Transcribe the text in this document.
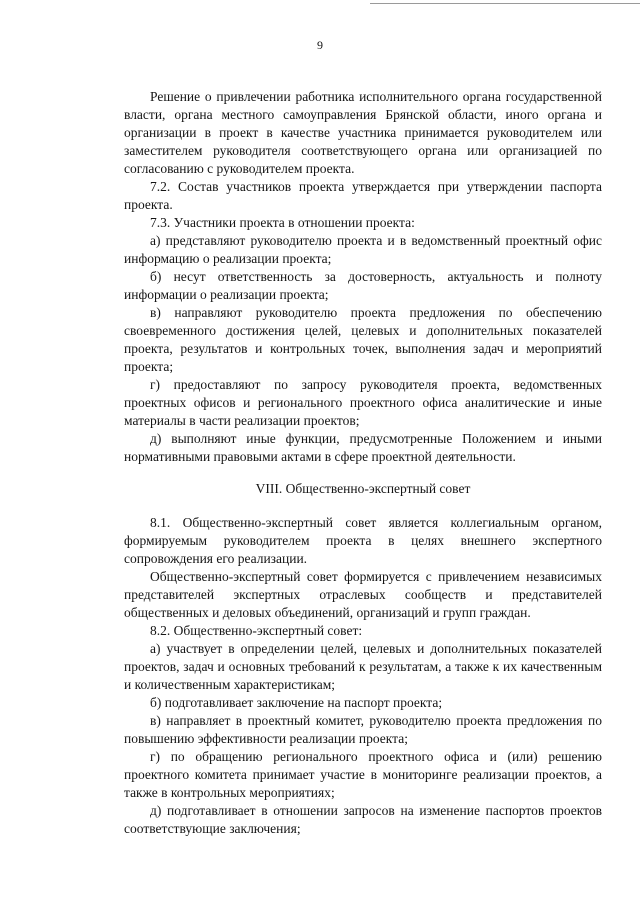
9

Решение о привлечении работника исполнительного органа государственной власти, органа местного самоуправления Брянской области, иного органа и организации в проект в качестве участника принимается руководителем или заместителем руководителя соответствующего органа или организацией по согласованию с руководителем проекта.

7.2. Состав участников проекта утверждается при утверждении паспорта проекта.

7.3. Участники проекта в отношении проекта:

а) представляют руководителю проекта и в ведомственный проектный офис информацию о реализации проекта;

б) несут ответственность за достоверность, актуальность и полноту информации о реализации проекта;

в) направляют руководителю проекта предложения по обеспечению своевременного достижения целей, целевых и дополнительных показателей проекта, результатов и контрольных точек, выполнения задач и мероприятий проекта;

г) предоставляют по запросу руководителя проекта, ведомственных проектных офисов и регионального проектного офиса аналитические и иные материалы в части реализации проектов;

д) выполняют иные функции, предусмотренные Положением и иными нормативными правовыми актами в сфере проектной деятельности.

VIII. Общественно-экспертный совет

8.1. Общественно-экспертный совет является коллегиальным органом, формируемым руководителем проекта в целях внешнего экспертного сопровождения его реализации.

Общественно-экспертный совет формируется с привлечением независимых представителей экспертных отраслевых сообществ и представителей общественных и деловых объединений, организаций и групп граждан.

8.2. Общественно-экспертный совет:

а) участвует в определении целей, целевых и дополнительных показателей проектов, задач и основных требований к результатам, а также к их качественным и количественным характеристикам;

б) подготавливает заключение на паспорт проекта;

в) направляет в проектный комитет, руководителю проекта предложения по повышению эффективности реализации проекта;

г) по обращению регионального проектного офиса и (или) решению проектного комитета принимает участие в мониторинге реализации проектов, а также в контрольных мероприятиях;

д) подготавливает в отношении запросов на изменение паспортов проектов соответствующие заключения;
